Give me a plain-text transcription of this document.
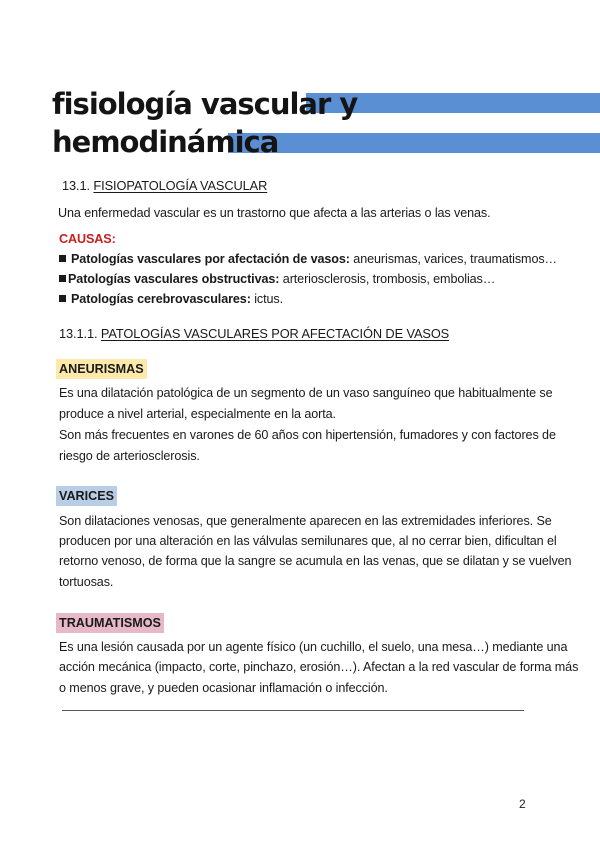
fisiología vascular y
hemodinámica
13.1. FISIOPATOLOGÍA VASCULAR
Una enfermedad vascular es un trastorno que afecta a las arterias o las venas.
CAUSAS:
Patologías vasculares por afectación de vasos: aneurismas, varices, traumatismos…
Patologías vasculares obstructivas: arteriosclerosis, trombosis, embolias…
Patologías cerebrovasculares: ictus.
13.1.1. PATOLOGÍAS VASCULARES POR AFECTACIÓN DE VASOS
ANEURISMAS
Es una dilatación patológica de un segmento de un vaso sanguíneo que habitualmente se
produce a nivel arterial, especialmente en la aorta.
Son más frecuentes en varones de 60 años con hipertensión, fumadores y con factores de
riesgo de arteriosclerosis.
VARICES
Son dilataciones venosas, que generalmente aparecen en las extremidades inferiores. Se
producen por una alteración en las válvulas semilunares que, al no cerrar bien, dificultan el
retorno venoso, de forma que la sangre se acumula en las venas, que se dilatan y se vuelven
tortuosas.
TRAUMATISMOS
Es una lesión causada por un agente físico (un cuchillo, el suelo, una mesa…) mediante una
acción mecánica (impacto, corte, pinchazo, erosión…). Afectan a la red vascular de forma más
o menos grave, y pueden ocasionar inflamación o infección.
2
